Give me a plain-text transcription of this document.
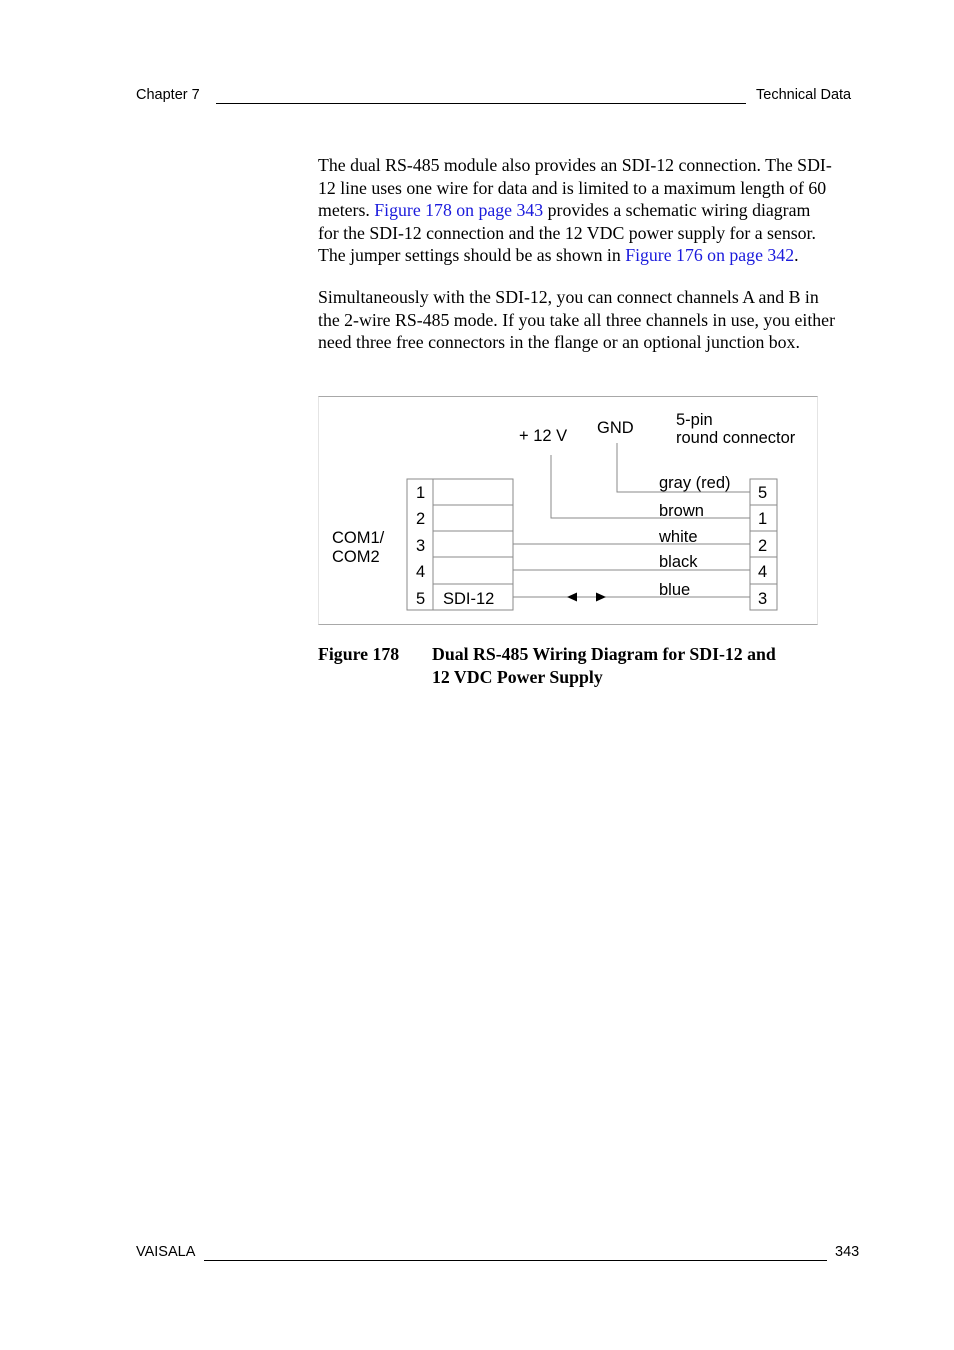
Chapter 7	Technical Data
The dual RS-485 module also provides an SDI-12 connection. The SDI-
12 line uses one wire for data and is limited to a maximum length of 60
meters. Figure 178 on page 343 provides a schematic wiring diagram
for the SDI-12 connection and the 12 VDC power supply for a sensor.
The jumper settings should be as shown in Figure 176 on page 342.
Simultaneously with the SDI-12, you can connect channels A and B in
the 2-wire RS-485 mode. If you take all three channels in use, you either
need three free connectors in the flange or an optional junction box.
+ 12 V GND	5-pin
round connector
COM1/
COM2
1
2
3
4
5 SDI-12
5
1
2
4
3
gray (red)
brown
white
black
blue
Figure 178 Dual RS-485 Wiring Diagram for SDI-12 and
12 VDC Power Supply
VAISALA	343
